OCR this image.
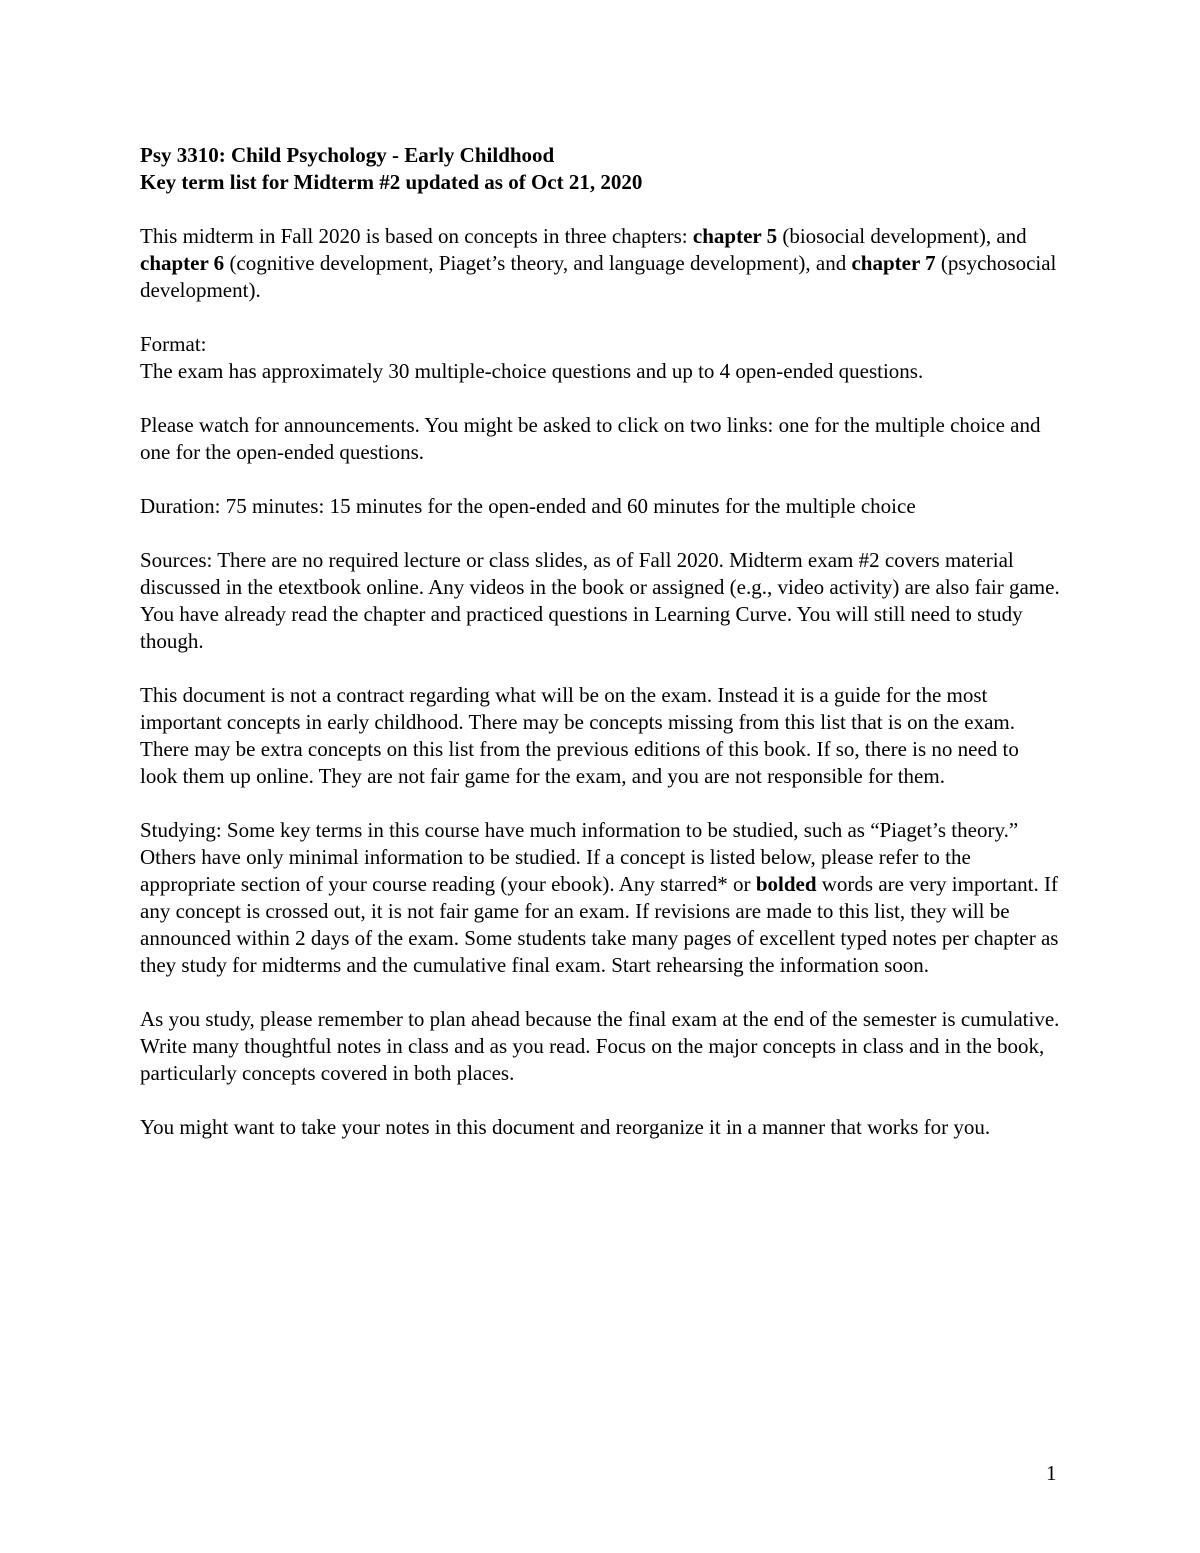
Psy 3310: Child Psychology - Early Childhood
Key term list for Midterm #2 updated as of Oct 21, 2020

This midterm in Fall 2020 is based on concepts in three chapters: chapter 5 (biosocial development), and chapter 6 (cognitive development, Piaget’s theory, and language development), and chapter 7 (psychosocial development).

Format:
The exam has approximately 30 multiple-choice questions and up to 4 open-ended questions.

Please watch for announcements. You might be asked to click on two links: one for the multiple choice and one for the open-ended questions.

Duration: 75 minutes: 15 minutes for the open-ended and 60 minutes for the multiple choice

Sources: There are no required lecture or class slides, as of Fall 2020. Midterm exam #2 covers material discussed in the etextbook online. Any videos in the book or assigned (e.g., video activity) are also fair game. You have already read the chapter and practiced questions in Learning Curve. You will still need to study though.

This document is not a contract regarding what will be on the exam. Instead it is a guide for the most important concepts in early childhood. There may be concepts missing from this list that is on the exam. There may be extra concepts on this list from the previous editions of this book. If so, there is no need to look them up online. They are not fair game for the exam, and you are not responsible for them.

Studying: Some key terms in this course have much information to be studied, such as “Piaget’s theory.” Others have only minimal information to be studied. If a concept is listed below, please refer to the appropriate section of your course reading (your ebook). Any starred* or bolded words are very important. If any concept is crossed out, it is not fair game for an exam. If revisions are made to this list, they will be announced within 2 days of the exam. Some students take many pages of excellent typed notes per chapter as they study for midterms and the cumulative final exam. Start rehearsing the information soon.

As you study, please remember to plan ahead because the final exam at the end of the semester is cumulative. Write many thoughtful notes in class and as you read. Focus on the major concepts in class and in the book, particularly concepts covered in both places.

You might want to take your notes in this document and reorganize it in a manner that works for you.

1
